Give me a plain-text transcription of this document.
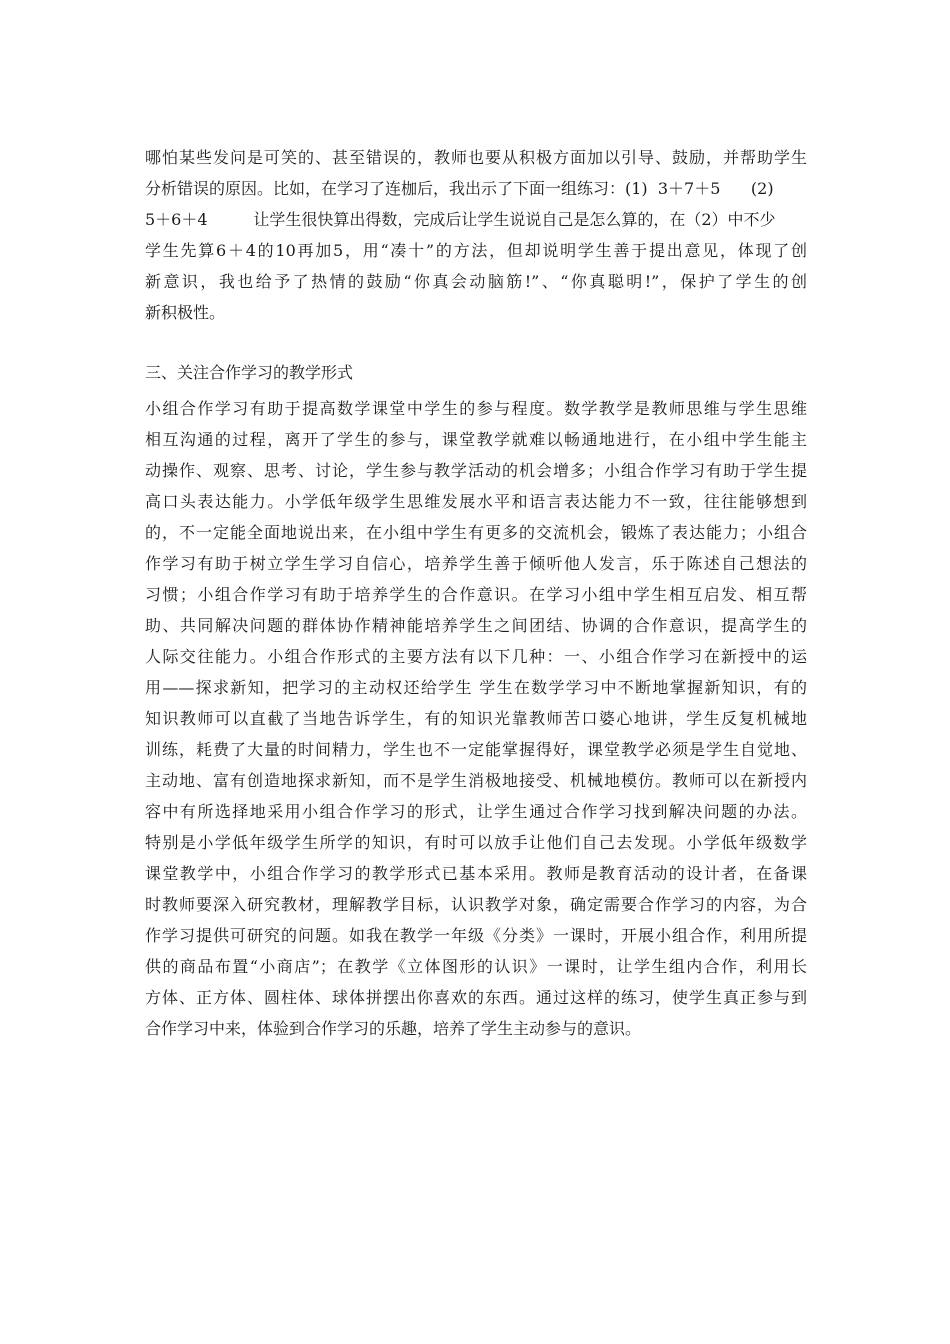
哪怕某些发问是可笑的、甚至错误的，教师也要从积极方面加以引导、鼓励，并帮助学生
分析错误的原因。比如，在学习了连枷后，我出示了下面一组练习：(1)  3＋7＋5      (2)
5＋6＋4         让学生很快算出得数，完成后让学生说说自己是怎么算的，在（2）中不少
学生先算6＋4的10再加5，用“凑十”的方法，但却说明学生善于提出意见，体现了创
新意识，我也给予了热情的鼓励“你真会动脑筋!”、“你真聪明!”，保护了学生的创
新积极性。
三、关注合作学习的教学形式
小组合作学习有助于提高数学课堂中学生的参与程度。数学教学是教师思维与学生思维
相互沟通的过程，离开了学生的参与，课堂教学就难以畅通地进行，在小组中学生能主
动操作、观察、思考、讨论，学生参与教学活动的机会增多；小组合作学习有助于学生提
高口头表达能力。小学低年级学生思维发展水平和语言表达能力不一致，往往能够想到
的，不一定能全面地说出来，在小组中学生有更多的交流机会，锻炼了表达能力；小组合
作学习有助于树立学生学习自信心，培养学生善于倾听他人发言，乐于陈述自己想法的
习惯；小组合作学习有助于培养学生的合作意识。在学习小组中学生相互启发、相互帮
助、共同解决问题的群体协作精神能培养学生之间团结、协调的合作意识，提高学生的
人际交往能力。小组合作形式的主要方法有以下几种：一、小组合作学习在新授中的运
用——探求新知，把学习的主动权还给学生 学生在数学学习中不断地掌握新知识，有的
知识教师可以直截了当地告诉学生，有的知识光靠教师苦口婆心地讲，学生反复机械地
训练，耗费了大量的时间精力，学生也不一定能掌握得好，课堂教学必须是学生自觉地、
主动地、富有创造地探求新知，而不是学生消极地接受、机械地模仿。教师可以在新授内
容中有所选择地采用小组合作学习的形式，让学生通过合作学习找到解决问题的办法。
特别是小学低年级学生所学的知识，有时可以放手让他们自己去发现。小学低年级数学
课堂教学中，小组合作学习的教学形式已基本采用。教师是教育活动的设计者，在备课
时教师要深入研究教材，理解教学目标，认识教学对象，确定需要合作学习的内容，为合
作学习提供可研究的问题。如我在教学一年级《分类》一课时，开展小组合作，利用所提
供的商品布置“小商店”；在教学《立体图形的认识》一课时，让学生组内合作，利用长
方体、正方体、圆柱体、球体拼摆出你喜欢的东西。通过这样的练习，使学生真正参与到
合作学习中来，体验到合作学习的乐趣，培养了学生主动参与的意识。
